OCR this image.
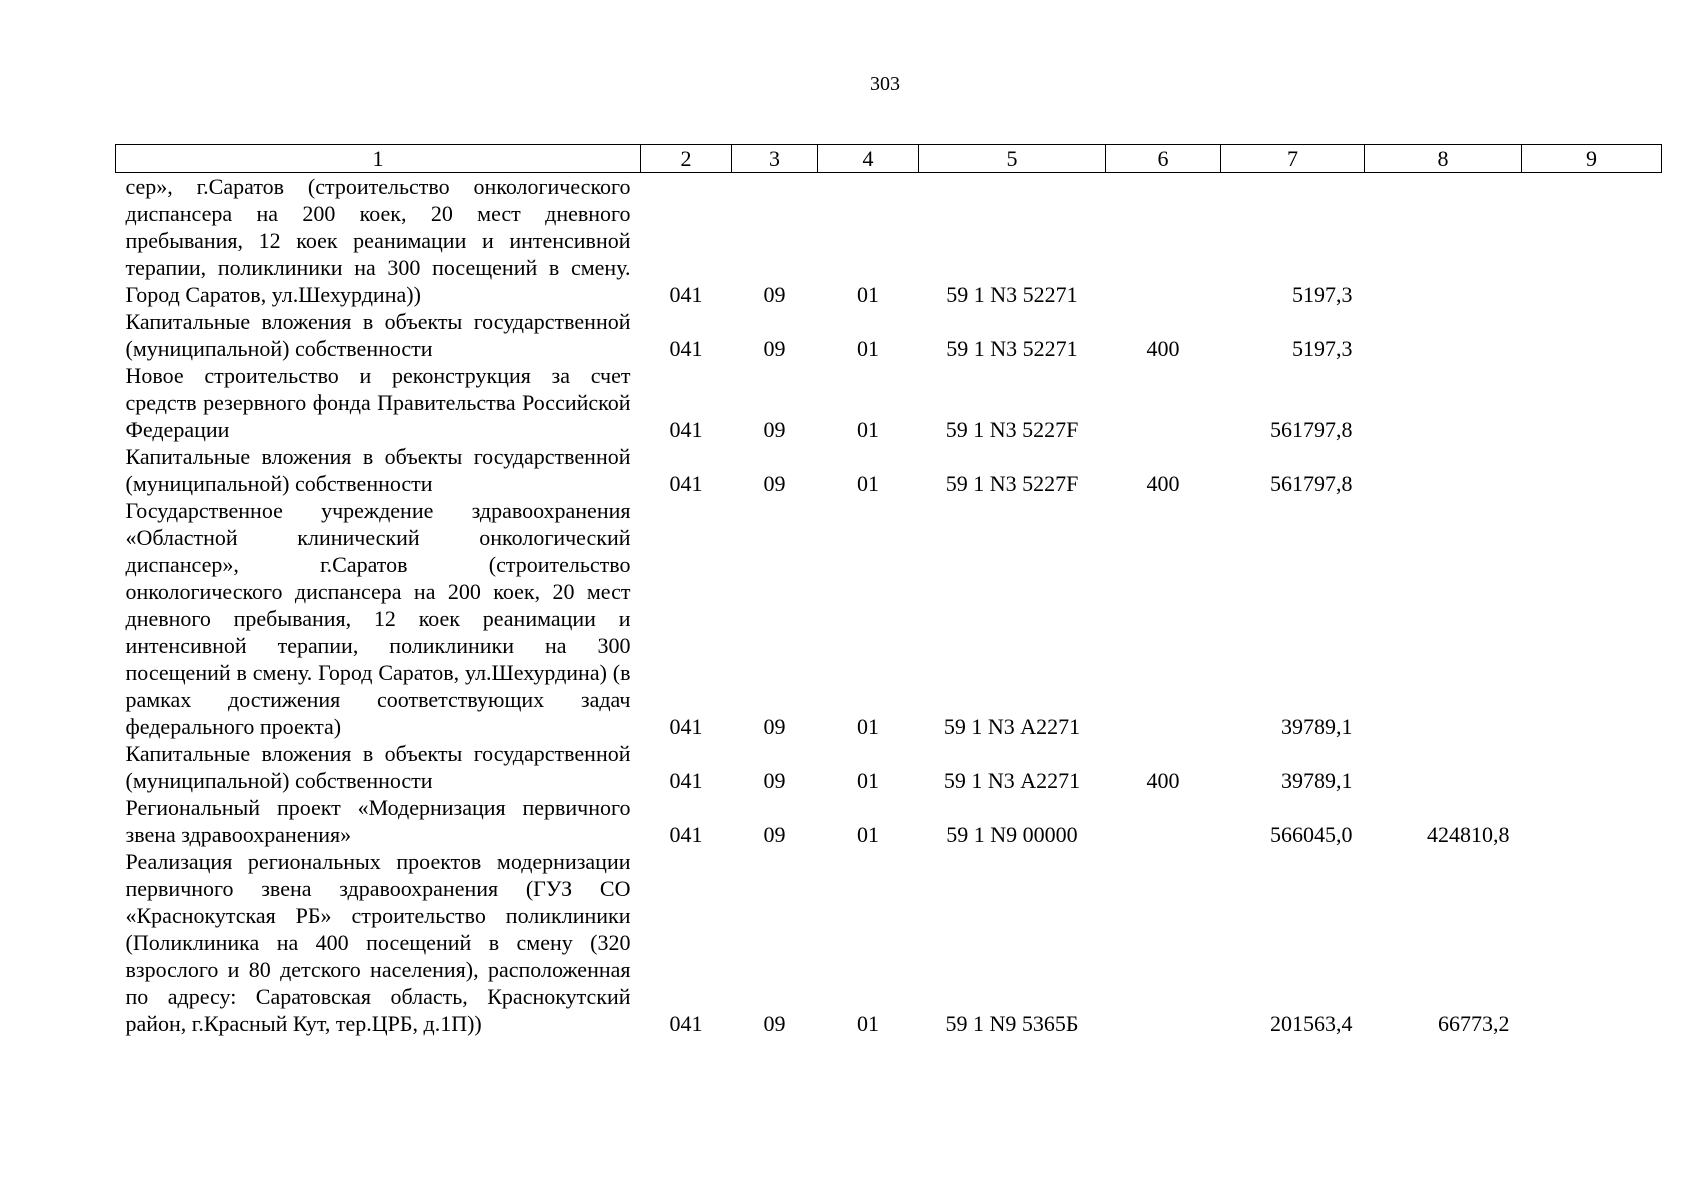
303
1	2	3	4	5	6	7	8	9
сер», г.Саратов (строительство онкологического диспансера на 200 коек, 20 мест дневного пребывания, 12 коек реанимации и интенсивной терапии, поликлиники на 300 посещений в смену. Город Саратов, ул.Шехурдина))	041	09	01	59 1 N3 52271		5197,3		
Капитальные вложения в объекты государственной (муниципальной) собственности	041	09	01	59 1 N3 52271	400	5197,3		
Новое строительство и реконструкция за счет средств резервного фонда Правительства Российской Федерации	041	09	01	59 1 N3 5227F		561797,8		
Капитальные вложения в объекты государственной (муниципальной) собственности	041	09	01	59 1 N3 5227F	400	561797,8		
Государственное учреждение здравоохранения «Областной клинический онкологический диспансер», г.Саратов (строительство онкологического диспансера на 200 коек, 20 мест дневного пребывания, 12 коек реанимации и интенсивной терапии, поликлиники на 300 посещений в смену. Город Саратов, ул.Шехурдина) (в рамках достижения соответствующих задач федерального проекта)	041	09	01	59 1 N3 А2271		39789,1		
Капитальные вложения в объекты государственной (муниципальной) собственности	041	09	01	59 1 N3 А2271	400	39789,1		
Региональный проект «Модернизация первичного звена здравоохранения»	041	09	01	59 1 N9 00000		566045,0	424810,8	
Реализация региональных проектов модернизации первичного звена здравоохранения (ГУЗ СО «Краснокутская РБ» строительство поликлиники (Поликлиника на 400 посещений в смену (320 взрослого и 80 детского населения), расположенная по адресу: Саратовская область, Краснокутский район, г.Красный Кут, тер.ЦРБ, д.1П))	041	09	01	59 1 N9 5365Б		201563,4	66773,2	
